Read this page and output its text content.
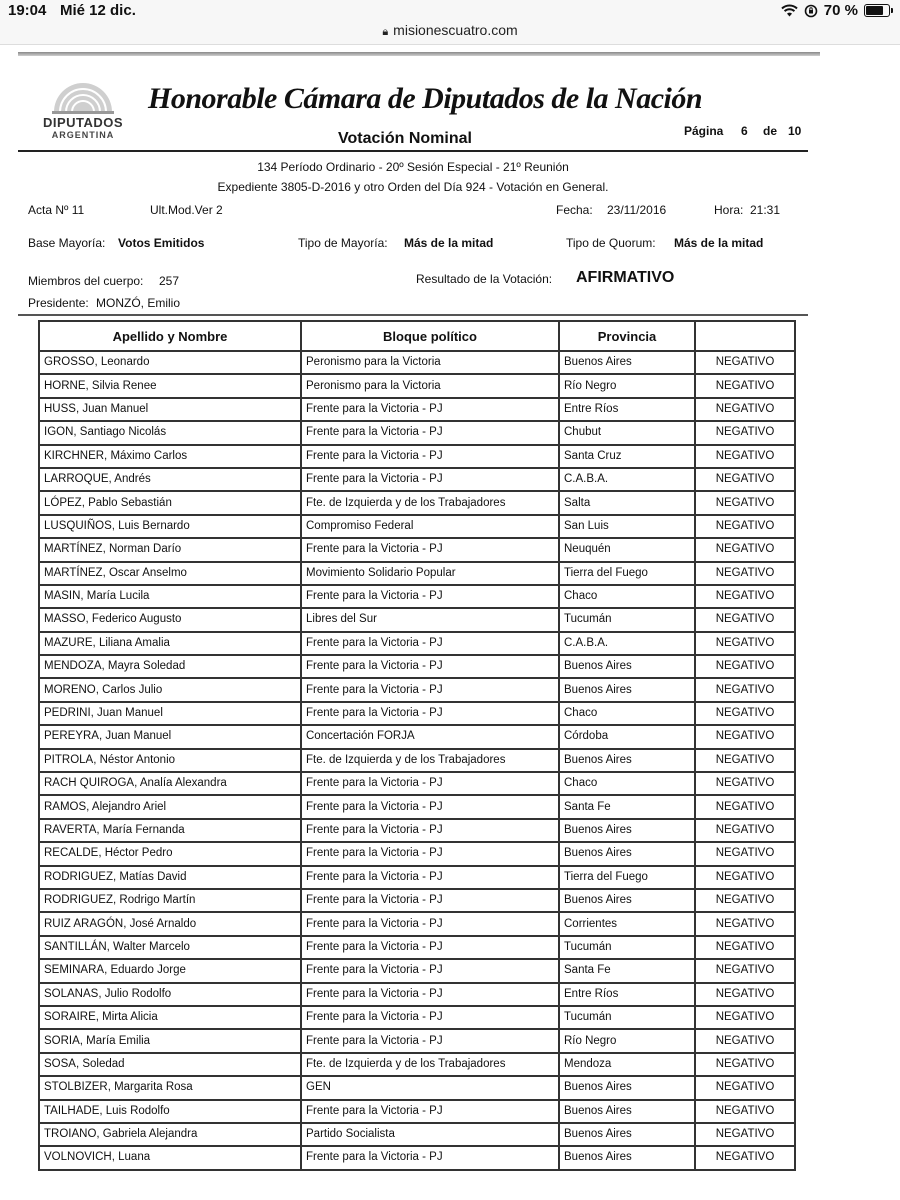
19:04 Mié 12 dic.	70 %
🔒︎ misionescuatro.com
DIPUTADOS
ARGENTINA
Honorable Cámara de Diputados de la Nación
Votación Nominal	Página 6 de 10
134 Período Ordinario - 20º Sesión Especial - 21º Reunión
Expediente 3805-D-2016 y otro Orden del Día 924 - Votación en General.
Acta Nº 11	Ult.Mod.Ver 2	Fecha: 23/11/2016	Hora: 21:31
Base Mayoría: Votos Emitidos	Tipo de Mayoría: Más de la mitad	Tipo de Quorum: Más de la mitad
Miembros del cuerpo: 257	Resultado de la Votación: AFIRMATIVO
Presidente: MONZÓ, Emilio
Apellido y Nombre	Bloque político	Provincia	
GROSSO, Leonardo	Peronismo para la Victoria	Buenos Aires	NEGATIVO
HORNE, Silvia Renee	Peronismo para la Victoria	Río Negro	NEGATIVO
HUSS, Juan Manuel	Frente para la Victoria - PJ	Entre Ríos	NEGATIVO
IGON, Santiago Nicolás	Frente para la Victoria - PJ	Chubut	NEGATIVO
KIRCHNER, Máximo Carlos	Frente para la Victoria - PJ	Santa Cruz	NEGATIVO
LARROQUE, Andrés	Frente para la Victoria - PJ	C.A.B.A.	NEGATIVO
LÓPEZ, Pablo Sebastián	Fte. de Izquierda y de los Trabajadores	Salta	NEGATIVO
LUSQUIÑOS, Luis Bernardo	Compromiso Federal	San Luis	NEGATIVO
MARTÍNEZ, Norman Darío	Frente para la Victoria - PJ	Neuquén	NEGATIVO
MARTÍNEZ, Oscar Anselmo	Movimiento Solidario Popular	Tierra del Fuego	NEGATIVO
MASIN, María Lucila	Frente para la Victoria - PJ	Chaco	NEGATIVO
MASSO, Federico Augusto	Libres del Sur	Tucumán	NEGATIVO
MAZURE, Liliana Amalia	Frente para la Victoria - PJ	C.A.B.A.	NEGATIVO
MENDOZA, Mayra Soledad	Frente para la Victoria - PJ	Buenos Aires	NEGATIVO
MORENO, Carlos Julio	Frente para la Victoria - PJ	Buenos Aires	NEGATIVO
PEDRINI, Juan Manuel	Frente para la Victoria - PJ	Chaco	NEGATIVO
PEREYRA, Juan Manuel	Concertación FORJA	Córdoba	NEGATIVO
PITROLA, Néstor Antonio	Fte. de Izquierda y de los Trabajadores	Buenos Aires	NEGATIVO
RACH QUIROGA, Analía Alexandra	Frente para la Victoria - PJ	Chaco	NEGATIVO
RAMOS, Alejandro Ariel	Frente para la Victoria - PJ	Santa Fe	NEGATIVO
RAVERTA, María Fernanda	Frente para la Victoria - PJ	Buenos Aires	NEGATIVO
RECALDE, Héctor Pedro	Frente para la Victoria - PJ	Buenos Aires	NEGATIVO
RODRIGUEZ, Matías David	Frente para la Victoria - PJ	Tierra del Fuego	NEGATIVO
RODRIGUEZ, Rodrigo Martín	Frente para la Victoria - PJ	Buenos Aires	NEGATIVO
RUIZ ARAGÓN, José Arnaldo	Frente para la Victoria - PJ	Corrientes	NEGATIVO
SANTILLÁN, Walter Marcelo	Frente para la Victoria - PJ	Tucumán	NEGATIVO
SEMINARA, Eduardo Jorge	Frente para la Victoria - PJ	Santa Fe	NEGATIVO
SOLANAS, Julio Rodolfo	Frente para la Victoria - PJ	Entre Ríos	NEGATIVO
SORAIRE, Mirta Alicia	Frente para la Victoria - PJ	Tucumán	NEGATIVO
SORIA, María Emilia	Frente para la Victoria - PJ	Río Negro	NEGATIVO
SOSA, Soledad	Fte. de Izquierda y de los Trabajadores	Mendoza	NEGATIVO
STOLBIZER, Margarita Rosa	GEN	Buenos Aires	NEGATIVO
TAILHADE, Luis Rodolfo	Frente para la Victoria - PJ	Buenos Aires	NEGATIVO
TROIANO, Gabriela Alejandra	Partido Socialista	Buenos Aires	NEGATIVO
VOLNOVICH, Luana	Frente para la Victoria - PJ	Buenos Aires	NEGATIVO
